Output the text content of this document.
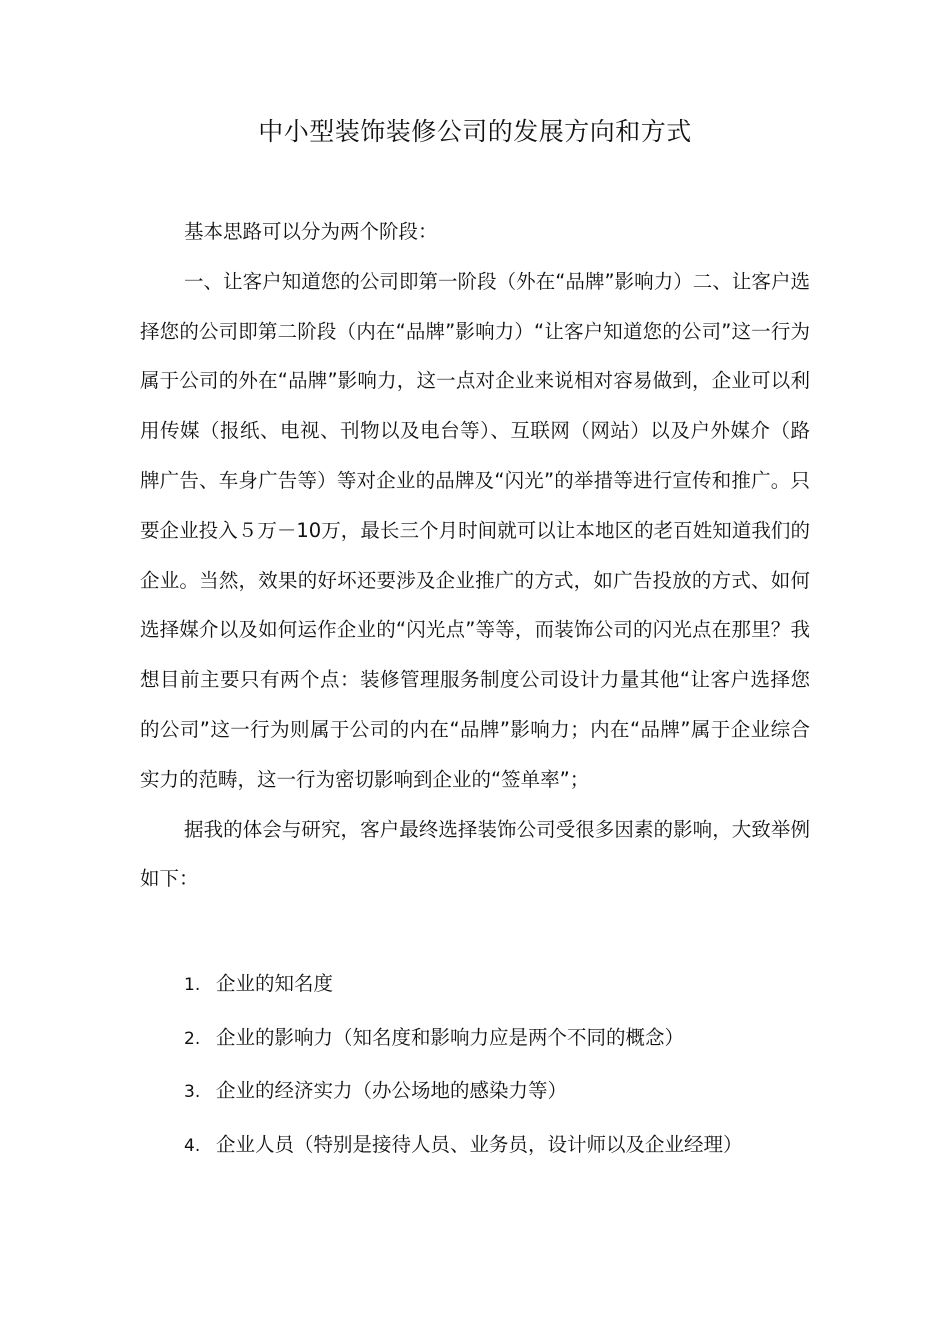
中小型装饰装修公司的发展方向和方式

基本思路可以分为两个阶段：

一、让客户知道您的公司即第一阶段（外在“品牌”影响力）二、让客户选择您的公司即第二阶段（内在“品牌”影响力）“让客户知道您的公司”这一行为属于公司的外在“品牌”影响力，这一点对企业来说相对容易做到，企业可以利用传媒（报纸、电视、刊物以及电台等）、互联网（网站）以及户外媒介（路牌广告、车身广告等）等对企业的品牌及“闪光”的举措等进行宣传和推广。只要企业投入５万－10万，最长三个月时间就可以让本地区的老百姓知道我们的企业。当然，效果的好坏还要涉及企业推广的方式，如广告投放的方式、如何选择媒介以及如何运作企业的“闪光点”等等，而装饰公司的闪光点在那里？我想目前主要只有两个点：装修管理服务制度公司设计力量其他“让客户选择您的公司”这一行为则属于公司的内在“品牌”影响力；内在“品牌”属于企业综合实力的范畴，这一行为密切影响到企业的“签单率”；

据我的体会与研究，客户最终选择装饰公司受很多因素的影响，大致举例如下：

1. 企业的知名度
2. 企业的影响力（知名度和影响力应是两个不同的概念）
3. 企业的经济实力（办公场地的感染力等）
4. 企业人员（特别是接待人员、业务员，设计师以及企业经理）
